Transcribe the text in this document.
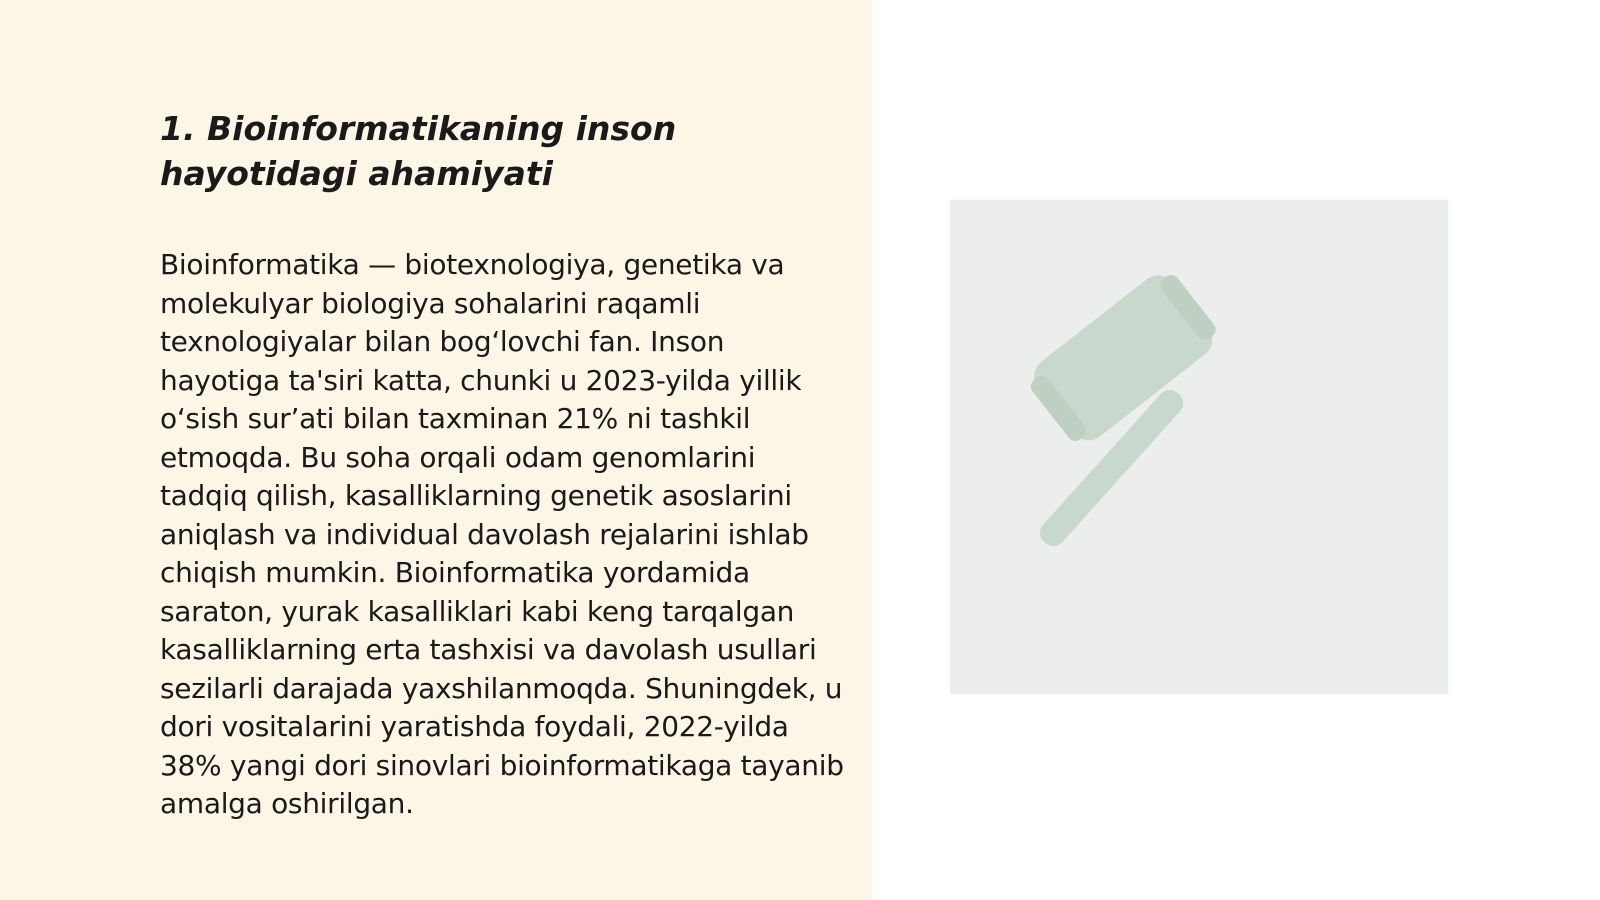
1. Bioinformatikaning inson hayotidagi ahamiyati

Bioinformatika — biotexnologiya, genetika va molekulyar biologiya sohalarini raqamli texnologiyalar bilan bog‘lovchi fan. Inson hayotiga ta'siri katta, chunki u 2023-yilda yillik o‘sish sur’ati bilan taxminan 21% ni tashkil etmoqda. Bu soha orqali odam genomlarini tadqiq qilish, kasalliklarning genetik asoslarini aniqlash va individual davolash rejalarini ishlab chiqish mumkin. Bioinformatika yordamida saraton, yurak kasalliklari kabi keng tarqalgan kasalliklarning erta tashxisi va davolash usullari sezilarli darajada yaxshilanmoqda. Shuningdek, u dori vositalarini yaratishda foydali, 2022-yilda 38% yangi dori sinovlari bioinformatikaga tayanib amalga oshirilgan.
